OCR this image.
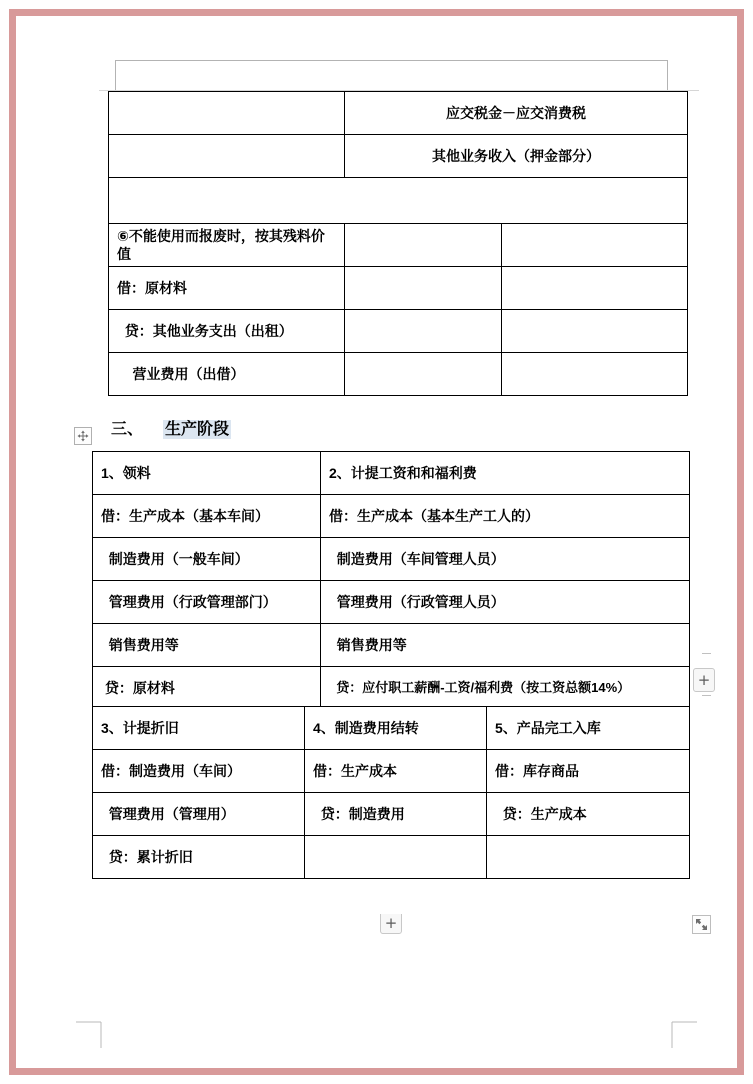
	应交税金－应交消费税	
	其他业务收入（押金部分）	

⑥不能使用而报废时，按其残料价值		
借：原材料		
贷：其他业务支出（出租）		
营业费用（出借）		
三、 生产阶段
1、领料	2、计提工资和和福利费
借：生产成本（基本车间）	借：生产成本（基本生产工人的）
制造费用（一般车间）	制造费用（车间管理人员）
管理费用（行政管理部门）	管理费用（行政管理人员）
销售费用等	销售费用等
贷：原材料	贷：应付职工薪酬-工资/福利费（按工资总额14%）	+
3、计提折旧	4、制造费用结转	5、产品完工入库
借：制造费用（车间）	借：生产成本	借：库存商品
管理费用（管理用）	贷：制造费用	贷：生产成本
贷：累计折旧		
+
